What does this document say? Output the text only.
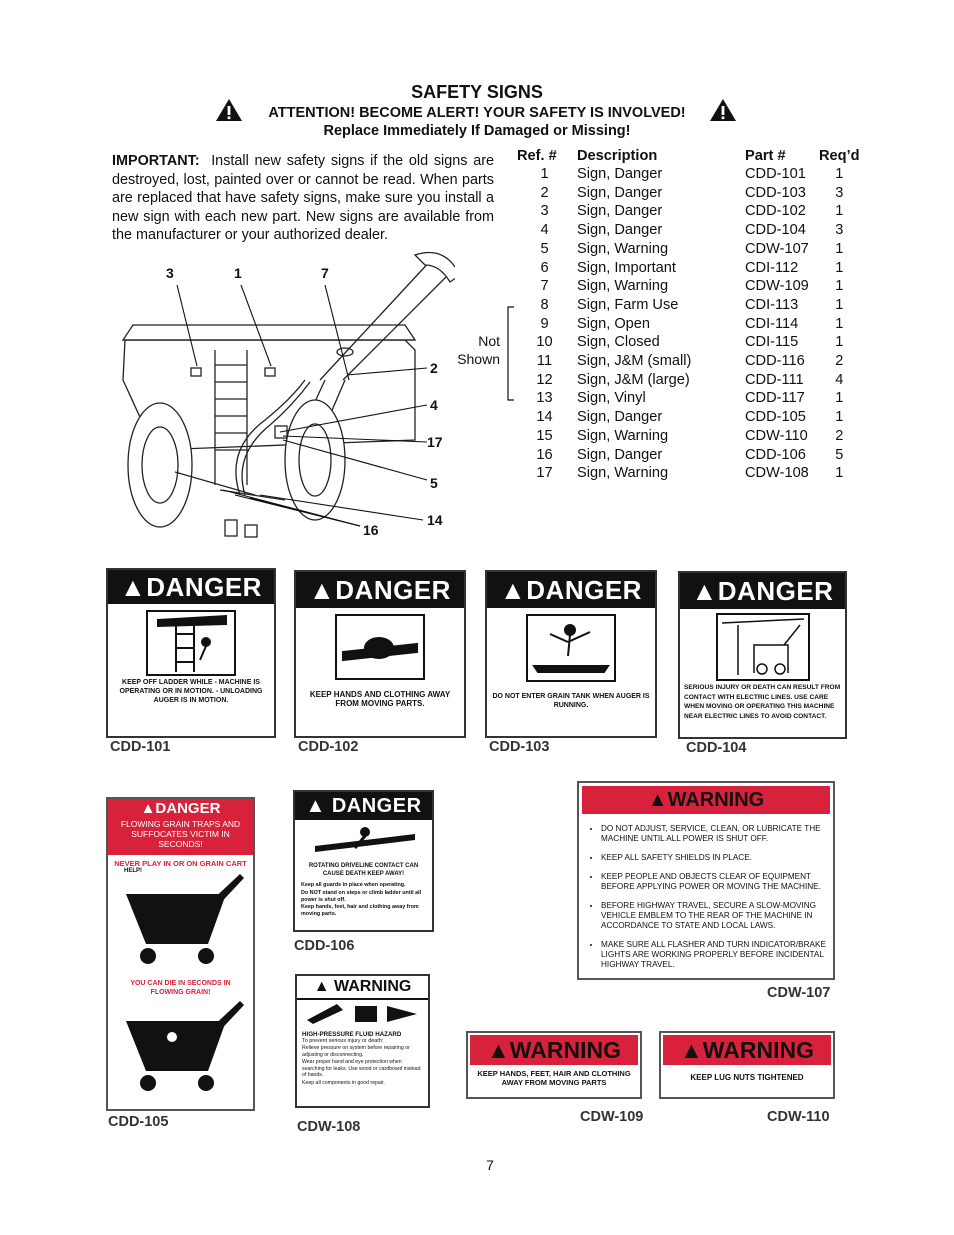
SAFETY SIGNS
ATTENTION! BECOME ALERT! YOUR SAFETY IS INVOLVED!
Replace Immediately If Damaged or Missing!
IMPORTANT: Install new safety signs if the old signs are destroyed, lost, painted over or cannot be read. When parts are replaced that have safety signs, make sure you install a new sign with each new part. New signs are available from the manufacturer or your authorized dealer.
Ref. #	Description	Part #	Req’d
1	Sign, Danger	CDD-101	1
2	Sign, Danger	CDD-103	3
3	Sign, Danger	CDD-102	1
4	Sign, Danger	CDD-104	3
5	Sign, Warning	CDW-107	1
6	Sign, Important	CDI-112	1
7	Sign, Warning	CDW-109	1
8	Sign, Farm Use	CDI-113	1
9	Sign, Open	CDI-114	1
10	Sign, Closed	CDI-115	1
11	Sign, J&M (small)	CDD-116	2
12	Sign, J&M (large)	CDD-111	4
13	Sign, Vinyl	CDD-117	1
14	Sign, Danger	CDD-105	1
15	Sign, Warning	CDW-110	2
16	Sign, Danger	CDD-106	5
17	Sign, Warning	CDW-108	1
Not
Shown
3	1	7
2
4
17
5
14
16
▲DANGER
KEEP OFF LADDER WHILE - MACHINE IS OPERATING OR IN MOTION. - UNLOADING AUGER IS IN MOTION.
CDD-101
▲DANGER
KEEP HANDS AND CLOTHING AWAY FROM MOVING PARTS.
CDD-102
▲DANGER
DO NOT ENTER GRAIN TANK WHEN AUGER IS RUNNING.
CDD-103
▲DANGER
SERIOUS INJURY OR DEATH CAN RESULT FROM CONTACT WITH ELECTRIC LINES. USE CARE WHEN MOVING OR OPERATING THIS MACHINE NEAR ELECTRIC LINES TO AVOID CONTACT.
CDD-104
▲DANGER
FLOWING GRAIN TRAPS AND SUFFOCATES VICTIM IN SECONDS!
NEVER PLAY IN OR ON GRAIN CART
HELP!
YOU CAN DIE IN SECONDS IN FLOWING GRAIN!
CDD-105
▲ DANGER
ROTATING DRIVELINE CONTACT CAN CAUSE DEATH KEEP AWAY!
Keep all guards in place when operating.
Do NOT stand on steps or climb ladder until all power is shut off.
Keep hands, feet, hair and clothing away from moving parts.
CDD-106
▲ WARNING
HIGH-PRESSURE FLUID HAZARD
To prevent serious injury or death:
Relieve pressure on system before repairing or adjusting or disconnecting.
Wear proper hand and eye protection when searching for leaks. Use wood or cardboard instead of hands.
Keep all components in good repair.
CDW-108
▲WARNING
• DO NOT ADJUST, SERVICE, CLEAN, OR LUBRICATE THE MACHINE UNTIL ALL POWER IS SHUT OFF.
• KEEP ALL SAFETY SHIELDS IN PLACE.
• KEEP PEOPLE AND OBJECTS CLEAR OF EQUIPMENT BEFORE APPLYING POWER OR MOVING THE MACHINE.
• BEFORE HIGHWAY TRAVEL, SECURE A SLOW-MOVING VEHICLE EMBLEM TO THE REAR OF THE MACHINE IN ACCORDANCE TO STATE AND LOCAL LAWS.
• MAKE SURE ALL FLASHER AND TURN INDICATOR/BRAKE LIGHTS ARE WORKING PROPERLY BEFORE INCIDENTAL HIGHWAY TRAVEL.
CDW-107
▲WARNING
KEEP HANDS, FEET, HAIR AND CLOTHING AWAY FROM MOVING PARTS
CDW-109
▲WARNING
KEEP LUG NUTS TIGHTENED
CDW-110
7
